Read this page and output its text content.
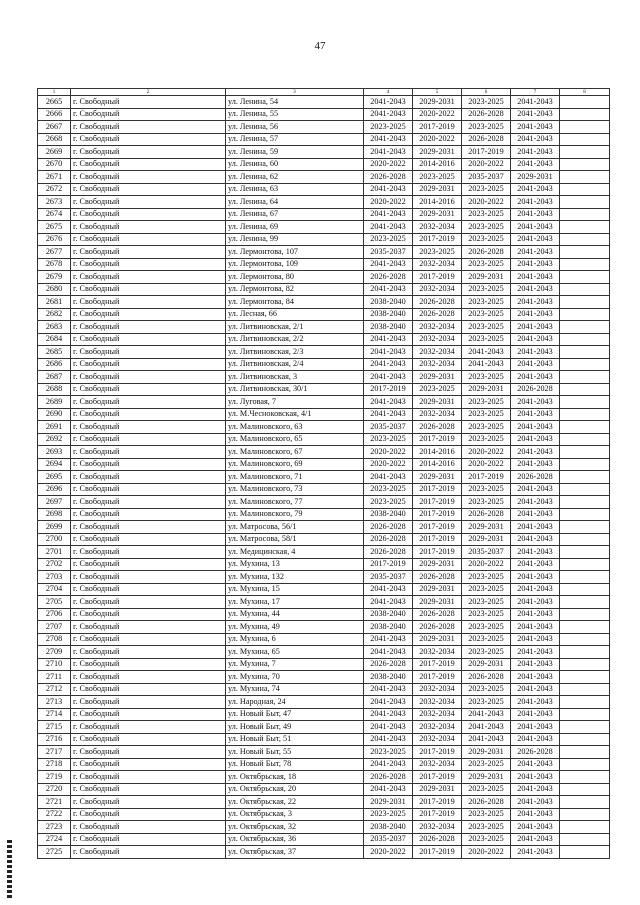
47
1	2	3	4	5	6	7	8
2665	г. Свободный	ул. Ленина, 54	2041-2043	2029-2031	2023-2025	2041-2043	
2666	г. Свободный	ул. Ленина, 55	2041-2043	2020-2022	2026-2028	2041-2043	
2667	г. Свободный	ул. Ленина, 56	2023-2025	2017-2019	2023-2025	2041-2043	
2668	г. Свободный	ул. Ленина, 57	2041-2043	2020-2022	2026-2028	2041-2043	
2669	г. Свободный	ул. Ленина, 59	2041-2043	2029-2031	2017-2019	2041-2043	
2670	г. Свободный	ул. Ленина, 60	2020-2022	2014-2016	2020-2022	2041-2043	
2671	г. Свободный	ул. Ленина, 62	2026-2028	2023-2025	2035-2037	2029-2031	
2672	г. Свободный	ул. Ленина, 63	2041-2043	2029-2031	2023-2025	2041-2043	
2673	г. Свободный	ул. Ленина, 64	2020-2022	2014-2016	2020-2022	2041-2043	
2674	г. Свободный	ул. Ленина, 67	2041-2043	2029-2031	2023-2025	2041-2043	
2675	г. Свободный	ул. Ленина, 69	2041-2043	2032-2034	2023-2025	2041-2043	
2676	г. Свободный	ул. Ленина, 99	2023-2025	2017-2019	2023-2025	2041-2043	
2677	г. Свободный	ул. Лермонтова, 107	2035-2037	2023-2025	2026-2028	2041-2043	
2678	г. Свободный	ул. Лермонтова, 109	2041-2043	2032-2034	2023-2025	2041-2043	
2679	г. Свободный	ул. Лермонтова, 80	2026-2028	2017-2019	2029-2031	2041-2043	
2680	г. Свободный	ул. Лермонтова, 82	2041-2043	2032-2034	2023-2025	2041-2043	
2681	г. Свободный	ул. Лермонтова, 84	2038-2040	2026-2028	2023-2025	2041-2043	
2682	г. Свободный	ул. Лесная, 66	2038-2040	2026-2028	2023-2025	2041-2043	
2683	г. Свободный	ул. Литвиновская, 2/1	2038-2040	2032-2034	2023-2025	2041-2043	
2684	г. Свободный	ул. Литвиновская, 2/2	2041-2043	2032-2034	2023-2025	2041-2043	
2685	г. Свободный	ул. Литвиновская, 2/3	2041-2043	2032-2034	2041-2043	2041-2043	
2686	г. Свободный	ул. Литвиновская, 2/4	2041-2043	2032-2034	2041-2043	2041-2043	
2687	г. Свободный	ул. Литвиновская, 3	2041-2043	2029-2031	2023-2025	2041-2043	
2688	г. Свободный	ул. Литвиновская, 30/1	2017-2019	2023-2025	2029-2031	2026-2028	
2689	г. Свободный	ул. Луговая, 7	2041-2043	2029-2031	2023-2025	2041-2043	
2690	г. Свободный	ул. М.Чесноковская, 4/1	2041-2043	2032-2034	2023-2025	2041-2043	
2691	г. Свободный	ул. Малиновского, 63	2035-2037	2026-2028	2023-2025	2041-2043	
2692	г. Свободный	ул. Малиновского, 65	2023-2025	2017-2019	2023-2025	2041-2043	
2693	г. Свободный	ул. Малиновского, 67	2020-2022	2014-2016	2020-2022	2041-2043	
2694	г. Свободный	ул. Малиновского, 69	2020-2022	2014-2016	2020-2022	2041-2043	
2695	г. Свободный	ул. Малиновского, 71	2041-2043	2029-2031	2017-2019	2026-2028	
2696	г. Свободный	ул. Малиновского, 73	2023-2025	2017-2019	2023-2025	2041-2043	
2697	г. Свободный	ул. Малиновского, 77	2023-2025	2017-2019	2023-2025	2041-2043	
2698	г. Свободный	ул. Малиновского, 79	2038-2040	2017-2019	2026-2028	2041-2043	
2699	г. Свободный	ул. Матросова, 56/1	2026-2028	2017-2019	2029-2031	2041-2043	
2700	г. Свободный	ул. Матросова, 58/1	2026-2028	2017-2019	2029-2031	2041-2043	
2701	г. Свободный	ул. Медицинская, 4	2026-2028	2017-2019	2035-2037	2041-2043	
2702	г. Свободный	ул. Мухина, 13	2017-2019	2029-2031	2020-2022	2041-2043	
2703	г. Свободный	ул. Мухина, 132	2035-2037	2026-2028	2023-2025	2041-2043	
2704	г. Свободный	ул. Мухина, 15	2041-2043	2029-2031	2023-2025	2041-2043	
2705	г. Свободный	ул. Мухина, 17	2041-2043	2029-2031	2023-2025	2041-2043	
2706	г. Свободный	ул. Мухина, 44	2038-2040	2026-2028	2023-2025	2041-2043	
2707	г. Свободный	ул. Мухина, 49	2038-2040	2026-2028	2023-2025	2041-2043	
2708	г. Свободный	ул. Мухина, 6	2041-2043	2029-2031	2023-2025	2041-2043	
2709	г. Свободный	ул. Мухина, 65	2041-2043	2032-2034	2023-2025	2041-2043	
2710	г. Свободный	ул. Мухина, 7	2026-2028	2017-2019	2029-2031	2041-2043	
2711	г. Свободный	ул. Мухина, 70	2038-2040	2017-2019	2026-2028	2041-2043	
2712	г. Свободный	ул. Мухина, 74	2041-2043	2032-2034	2023-2025	2041-2043	
2713	г. Свободный	ул. Народная, 24	2041-2043	2032-2034	2023-2025	2041-2043	
2714	г. Свободный	ул. Новый Быт, 47	2041-2043	2032-2034	2041-2043	2041-2043	
2715	г. Свободный	ул. Новый Быт, 49	2041-2043	2032-2034	2041-2043	2041-2043	
2716	г. Свободный	ул. Новый Быт, 51	2041-2043	2032-2034	2041-2043	2041-2043	
2717	г. Свободный	ул. Новый Быт, 55	2023-2025	2017-2019	2029-2031	2026-2028	
2718	г. Свободный	ул. Новый Быт, 78	2041-2043	2032-2034	2023-2025	2041-2043	
2719	г. Свободный	ул. Октябрьская, 18	2026-2028	2017-2019	2029-2031	2041-2043	
2720	г. Свободный	ул. Октябрьская, 20	2041-2043	2029-2031	2023-2025	2041-2043	
2721	г. Свободный	ул. Октябрьская, 22	2029-2031	2017-2019	2026-2028	2041-2043	
2722	г. Свободный	ул. Октябрьская, 3	2023-2025	2017-2019	2023-2025	2041-2043	
2723	г. Свободный	ул. Октябрьская, 32	2038-2040	2032-2034	2023-2025	2041-2043	
2724	г. Свободный	ул. Октябрьская, 36	2035-2037	2026-2028	2023-2025	2041-2043	
2725	г. Свободный	ул. Октябрьская, 37	2020-2022	2017-2019	2020-2022	2041-2043	
